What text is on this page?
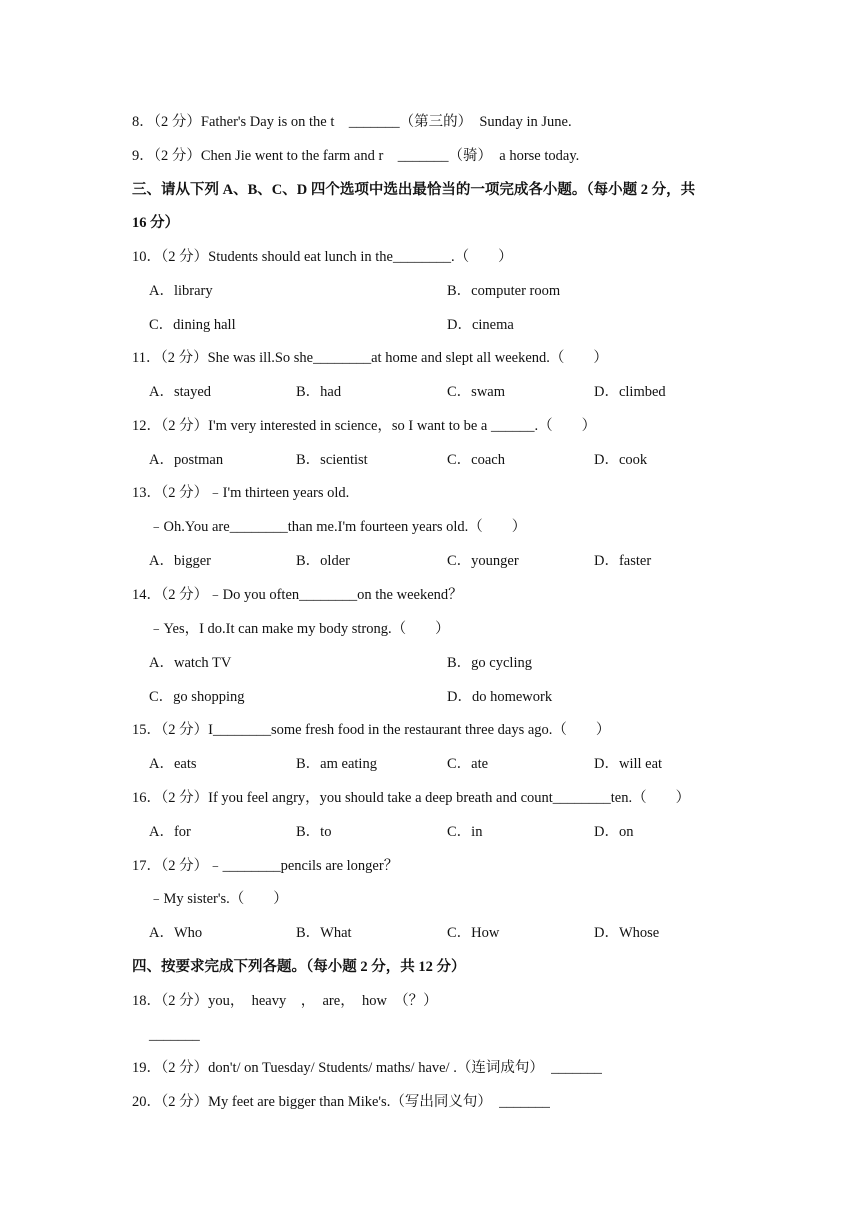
8．（2 分）Father's Day is on the t　_______（第三的）　Sunday in June.
9．（2 分）Chen Jie went to the farm and r　_______（骑）　a horse today.
三、请从下列 A、B、C、D 四个选项中选出最恰当的一项完成各小题。（每小题 2 分，共
16 分）
10．（2 分）Students should eat lunch in the________.（　　）
A．library	B．computer room
C．dining hall	D．cinema
11．（2 分）She was ill.So she________at home and slept all weekend.（　　）
A．stayed	B．had	C．swam	D．climbed
12．（2 分）I'm very interested in science，so I want to be a ______.（　　）
A．postman	B．scientist	C．coach	D．cook
13．（2 分）﹣I'm thirteen years old.
﹣Oh.You are________than me.I'm fourteen years old.（　　）
A．bigger	B．older	C．younger	D．faster
14．（2 分）﹣Do you often________on the weekend？
﹣Yes，I do.It can make my body strong.（　　）
A．watch TV	B．go cycling
C．go shopping	D．do homework
15．（2 分）I________some fresh food in the restaurant three days ago.（　　）
A．eats	B．am eating	C．ate	D．will eat
16．（2 分）If you feel angry，you should take a deep breath and count________ten.（　　）
A．for	B．to	C．in	D．on
17．（2 分）﹣________pencils are longer？
﹣My sister's.（　　）
A．Who	B．What	C．How	D．Whose
四、按要求完成下列各题。（每小题 2 分，共 12 分）
18．（2 分）you，　heavy　，　are，　how　（？）
_______
19．（2 分）don't/ on Tuesday/ Students/ maths/ have/ .（连词成句）　_______
20．（2 分）My feet are bigger than Mike's.（写出同义句）　_______
